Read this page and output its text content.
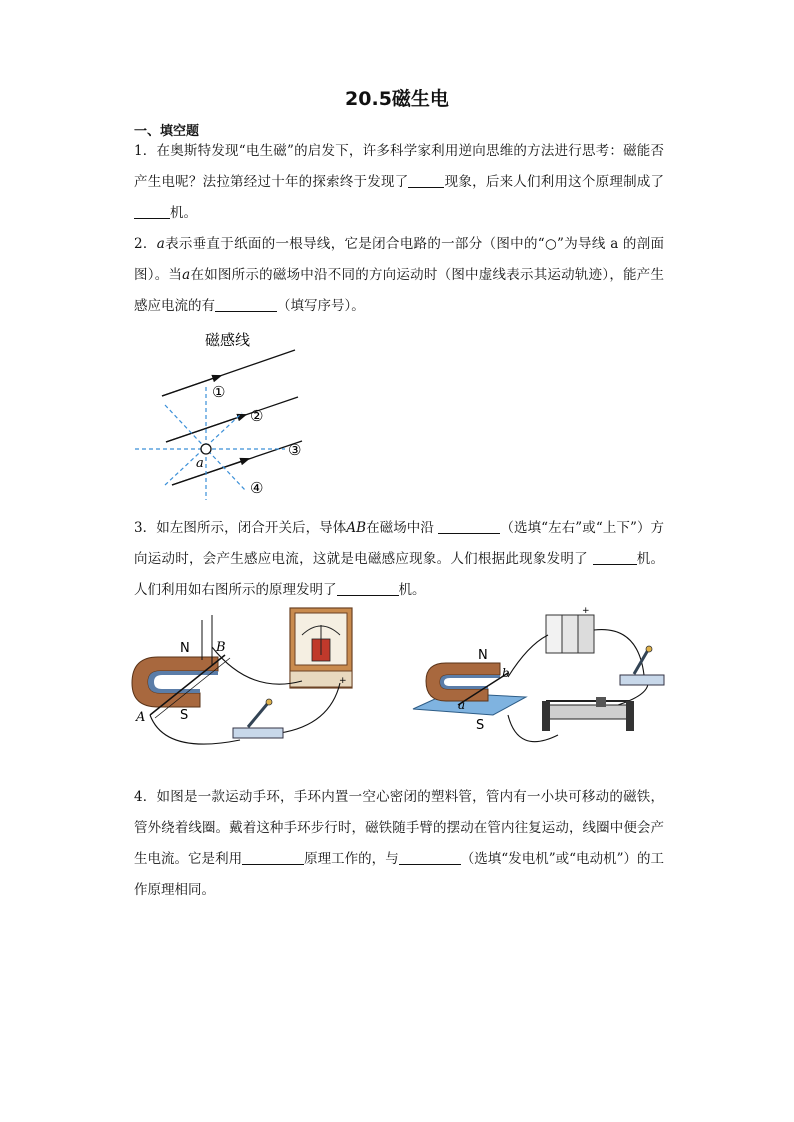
20.5磁生电
一、填空题
1．在奥斯特发现“电生磁”的启发下，许多科学家利用逆向思维的方法进行思考：磁能否产生电呢？法拉第经过十年的探索终于发现了	现象，后来人们利用这个原理制成了机。
2．a表示垂直于纸面的一根导线，它是闭合电路的一部分（图中的“○”为导线 a 的剖面图）。当a在如图所示的磁场中沿不同的方向运动时（图中虚线表示其运动轨迹），能产生感应电流的有	（填写序号）。
磁感线
a
①
②
③
④
3．如左图所示，闭合开关后，导体AB在磁场中沿	（选填“左右”或“上下”）方向运动时，会产生感应电流，这就是电磁感应现象。人们根据此现象发明了	机。人们利用如右图所示的原理发明了	机。
+
N
S
A
B
+
N
S
a
b
4．如图是一款运动手环，手环内置一空心密闭的塑料管，管内有一小块可移动的磁铁，管外绕着线圈。戴着这种手环步行时，磁铁随手臂的摆动在管内往复运动，线圈中便会产生电流。它是利用	原理工作的，与	（选填“发电机”或“电动机”）的工作原理相同。
